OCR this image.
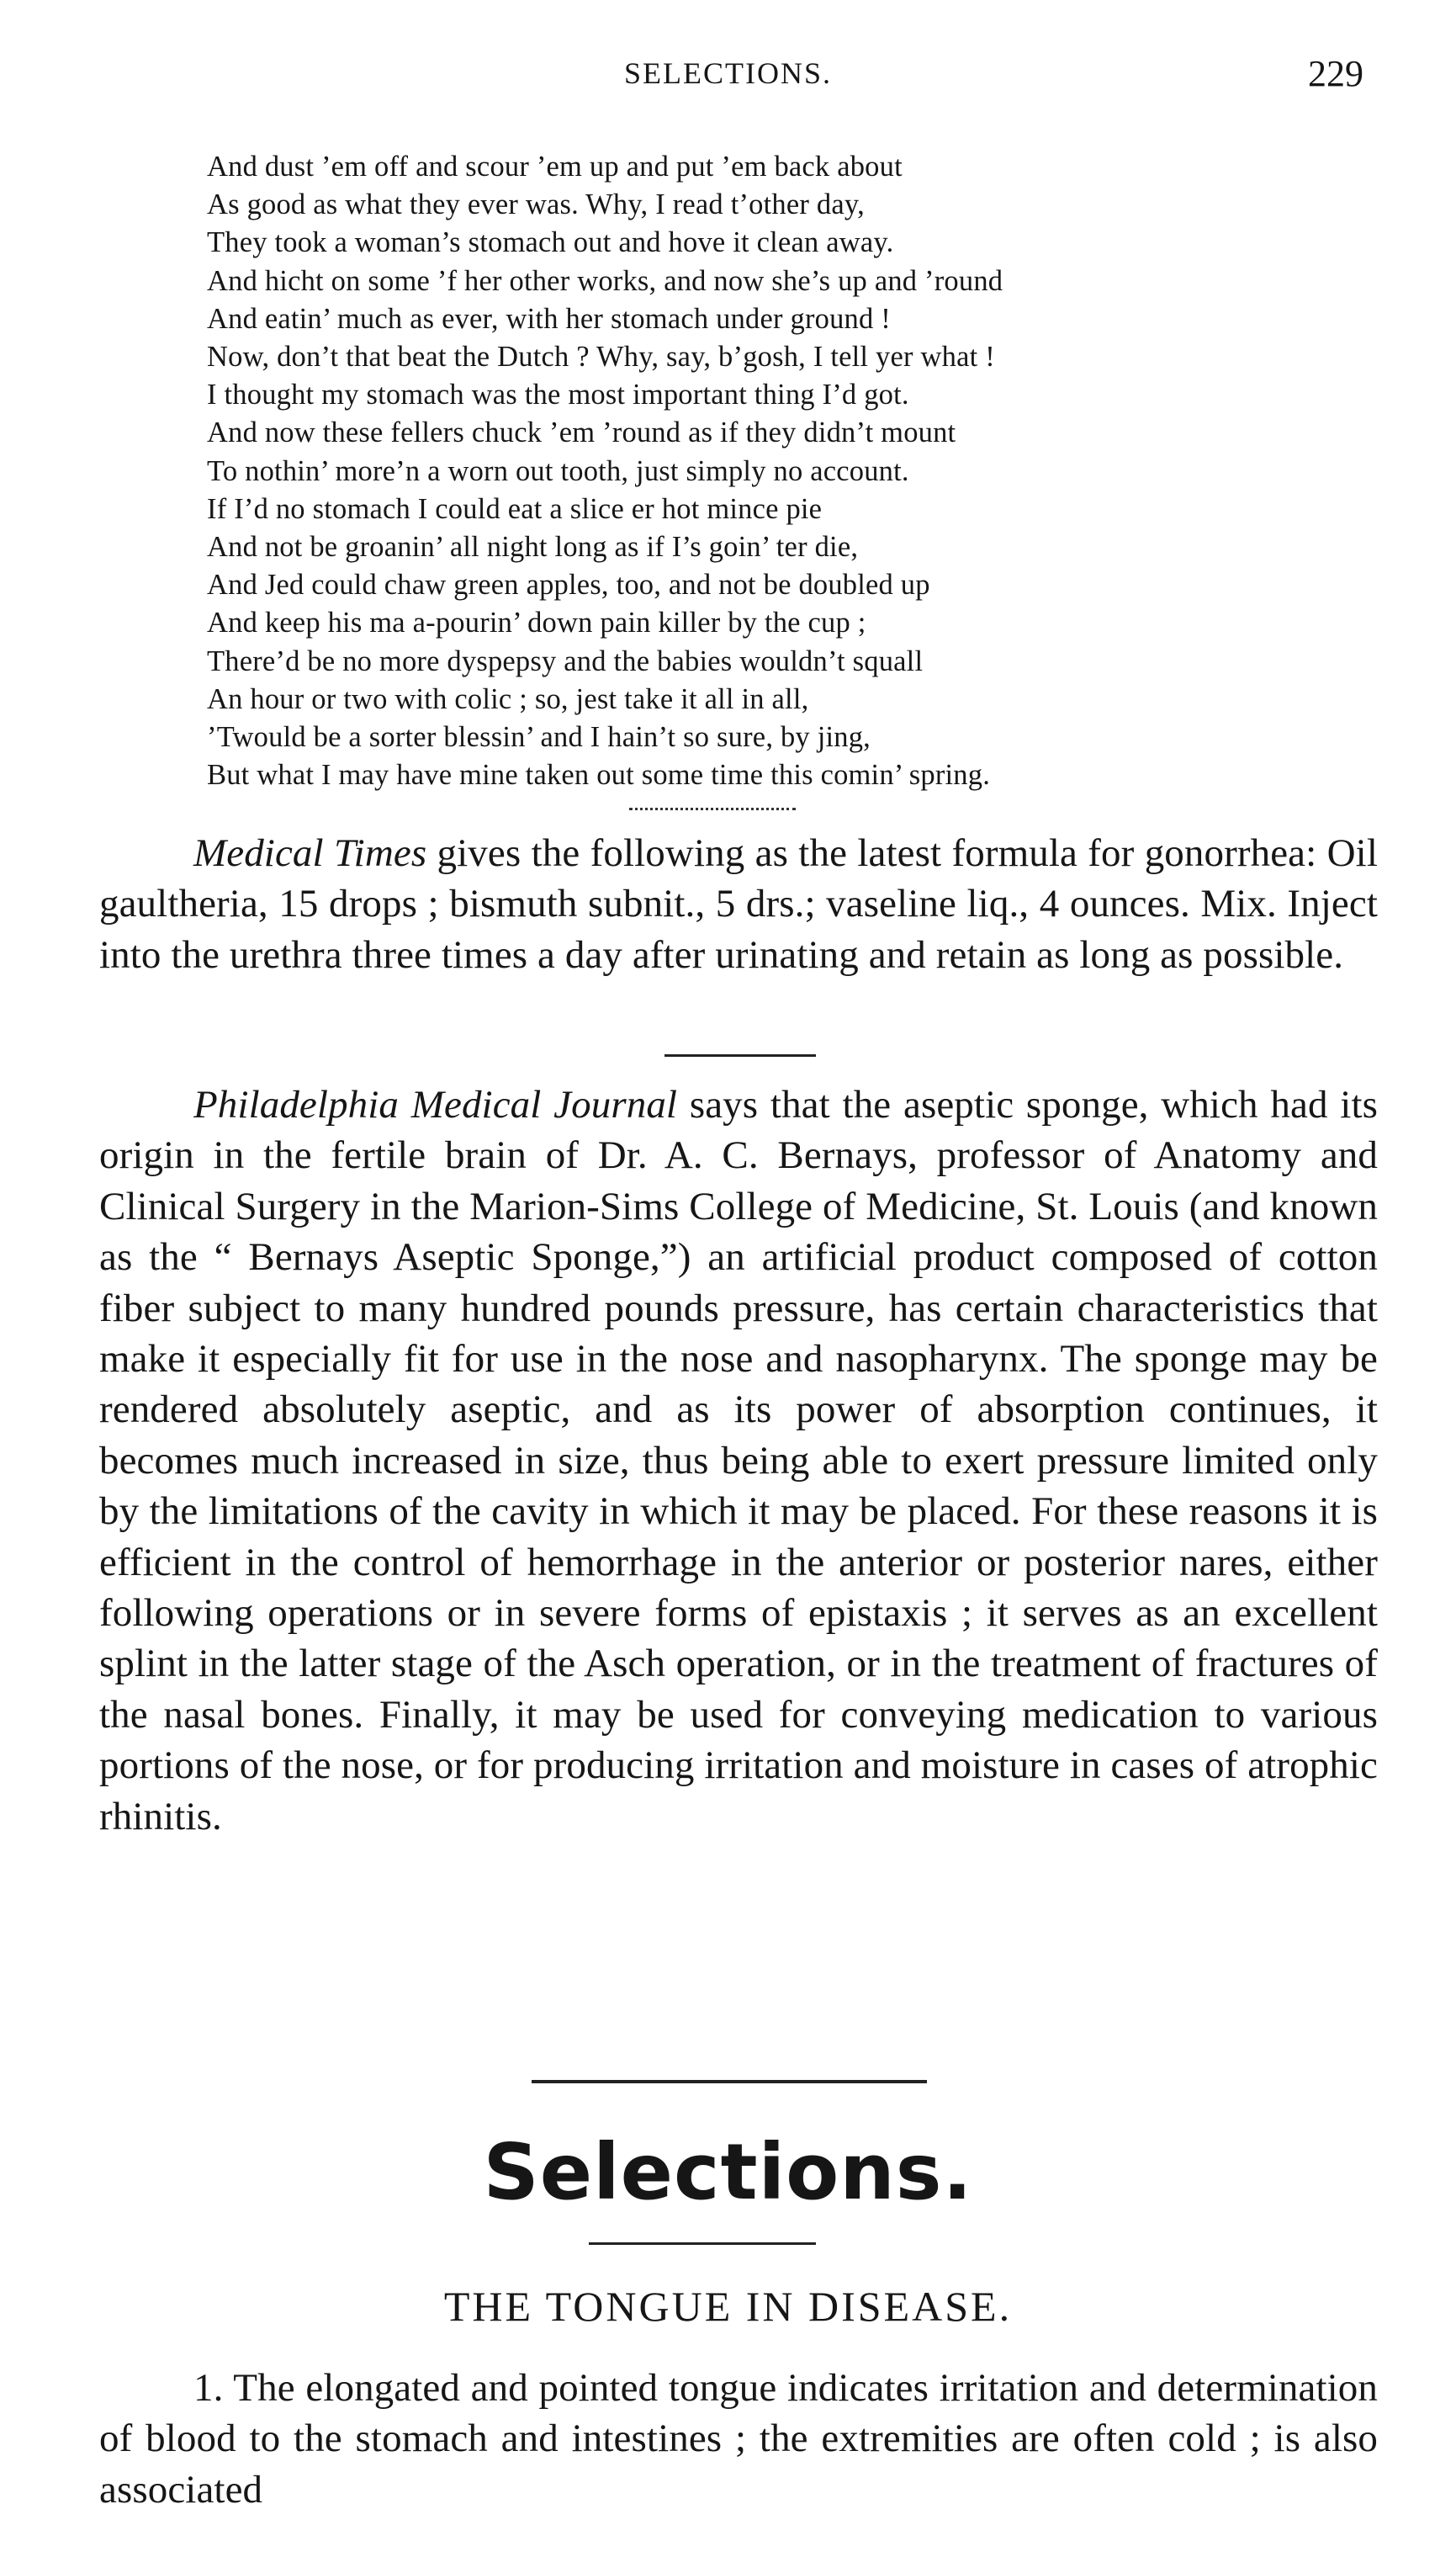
SELECTIONS.	229
And dust ’em off and scour ’em up and put ’em back about
As good as what they ever was. Why, I read t’other day,
They took a woman’s stomach out and hove it clean away.
And hicht on some ’f her other works, and now she’s up and ’round
And eatin’ much as ever, with her stomach under ground !
Now, don’t that beat the Dutch ? Why, say, b’gosh, I tell yer what !
I thought my stomach was the most important thing I’d got.
And now these fellers chuck ’em ’round as if they didn’t mount
To nothin’ more’n a worn out tooth, just simply no account.
If I’d no stomach I could eat a slice er hot mince pie
And not be groanin’ all night long as if I’s goin’ ter die,
And Jed could chaw green apples, too, and not be doubled up
And keep his ma a-pourin’ down pain killer by the cup ;
There’d be no more dyspepsy and the babies wouldn’t squall
An hour or two with colic ; so, jest take it all in all,
’Twould be a sorter blessin’ and I hain’t so sure, by jing,
But what I may have mine taken out some time this comin’ spring.
Medical Times gives the following as the latest formula for gonorrhea: Oil gaultheria, 15 drops ; bismuth subnit., 5 drs.; vaseline liq., 4 ounces. Mix. Inject into the urethra three times a day after urinating and retain as long as possible.
Philadelphia Medical Journal says that the aseptic sponge, which had its origin in the fertile brain of Dr. A. C. Bernays, professor of Anatomy and Clinical Surgery in the Marion-Sims College of Medicine, St. Louis (and known as the “ Bernays Aseptic Sponge,”) an artificial product composed of cotton fiber subject to many hundred pounds pressure, has certain characteristics that make it especially fit for use in the nose and nasopharynx. The sponge may be rendered absolutely aseptic, and as its power of absorption continues, it becomes much increased in size, thus being able to exert pressure limited only by the limitations of the cavity in which it may be placed. For these reasons it is efficient in the control of hemorrhage in the anterior or posterior nares, either following operations or in severe forms of epistaxis ; it serves as an excellent splint in the latter stage of the Asch operation, or in the treatment of fractures of the nasal bones. Finally, it may be used for conveying medication to various portions of the nose, or for producing irritation and moisture in cases of atrophic rhinitis.
Selections.
THE TONGUE IN DISEASE.
1. The elongated and pointed tongue indicates irritation and determination of blood to the stomach and intestines ; the extremities are often cold ; is also associated
